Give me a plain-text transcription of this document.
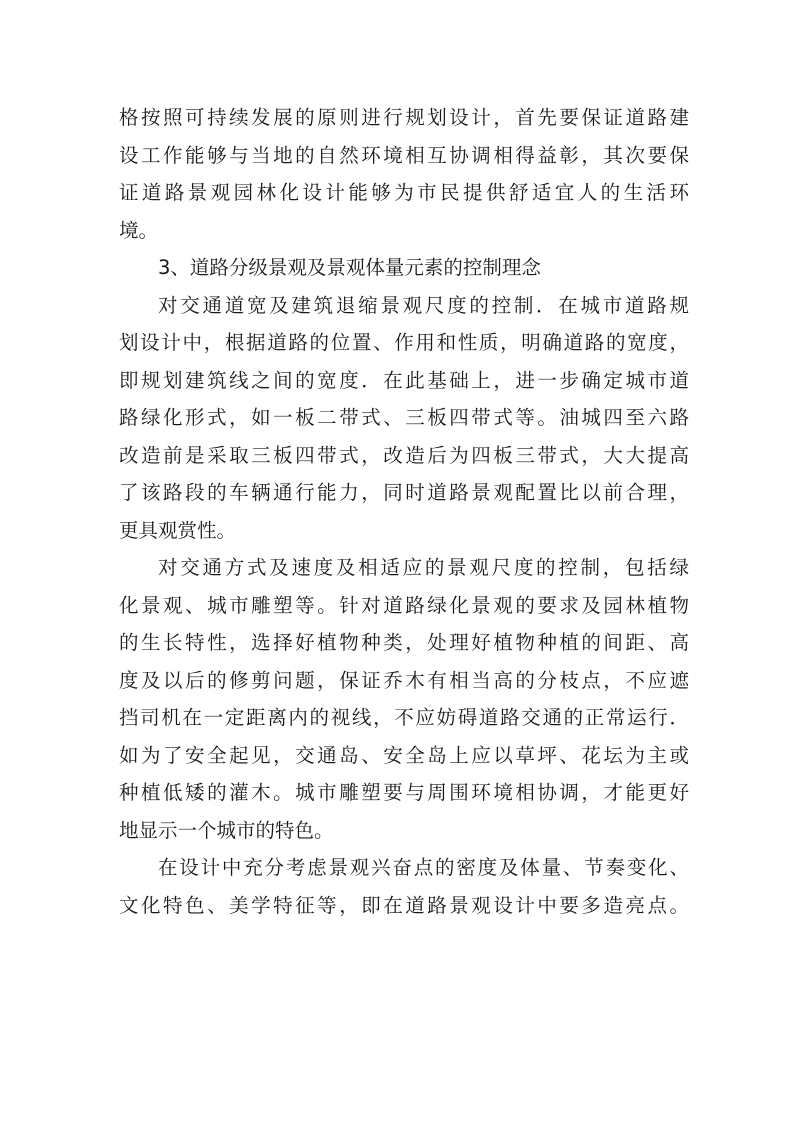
格按照可持续发展的原则进行规划设计，首先要保证道路建
设工作能够与当地的自然环境相互协调相得益彰，其次要保
证道路景观园林化设计能够为市民提供舒适宜人的生活环
境。

3、道路分级景观及景观体量元素的控制理念

对交通道宽及建筑退缩景观尺度的控制．在城市道路规
划设计中，根据道路的位置、作用和性质，明确道路的宽度，
即规划建筑线之间的宽度．在此基础上，进一步确定城市道
路绿化形式，如一板二带式、三板四带式等。油城四至六路
改造前是采取三板四带式，改造后为四板三带式，大大提高
了该路段的车辆通行能力，同时道路景观配置比以前合理，
更具观赏性。

对交通方式及速度及相适应的景观尺度的控制，包括绿
化景观、城市雕塑等。针对道路绿化景观的要求及园林植物
的生长特性，选择好植物种类，处理好植物种植的间距、高
度及以后的修剪问题，保证乔木有相当高的分枝点，不应遮
挡司机在一定距离内的视线，不应妨碍道路交通的正常运行．
如为了安全起见，交通岛、安全岛上应以草坪、花坛为主或
种植低矮的灌木。城市雕塑要与周围环境相协调，才能更好
地显示一个城市的特色。

在设计中充分考虑景观兴奋点的密度及体量、节奏变化、
文化特色、美学特征等，即在道路景观设计中要多造亮点。
